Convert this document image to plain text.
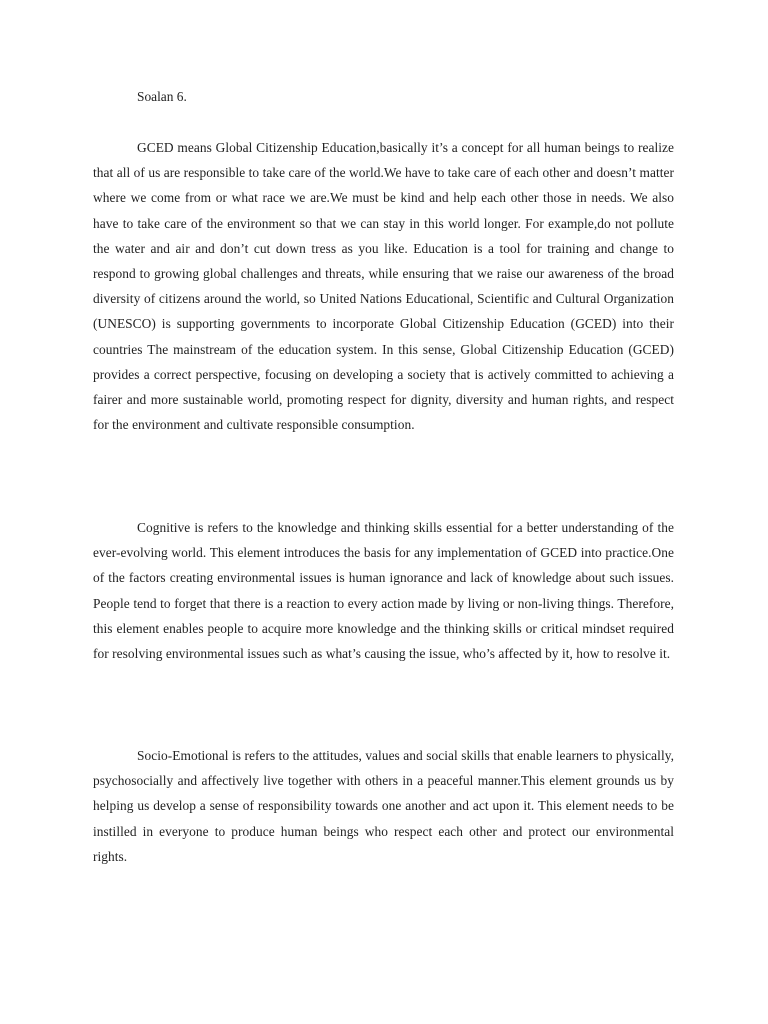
Soalan 6.

GCED means Global Citizenship Education,basically it’s a concept for all human beings to realize that all of us are responsible to take care of the world.We have to take care of each other and doesn’t matter where we come from or what race we are.We must be kind and help each other those in needs. We also have to take care of the environment so that we can stay in this world longer. For example,do not pollute the water and air and don’t cut down tress as you like. Education is a tool for training and change to respond to growing global challenges and threats, while ensuring that we raise our awareness of the broad diversity of citizens around the world, so United Nations Educational, Scientific and Cultural Organization (UNESCO) is supporting governments to incorporate Global Citizenship Education (GCED) into their countries The mainstream of the education system. In this sense, Global Citizenship Education (GCED) provides a correct perspective, focusing on developing a society that is actively committed to achieving a fairer and more sustainable world, promoting respect for dignity, diversity and human rights, and respect for the environment and cultivate responsible consumption.

Cognitive is refers to the knowledge and thinking skills essential for a better understanding of the ever-evolving world. This element introduces the basis for any implementation of GCED into practice.One of the factors creating environmental issues is human ignorance and lack of knowledge about such issues. People tend to forget that there is a reaction to every action made by living or non-living things. Therefore, this element enables people to acquire more knowledge and the thinking skills or critical mindset required for resolving environmental issues such as what’s causing the issue, who’s affected by it, how to resolve it.

Socio-Emotional is refers to the attitudes, values and social skills that enable learners to physically, psychosocially and affectively live together with others in a peaceful manner.This element grounds us by helping us develop a sense of responsibility towards one another and act upon it. This element needs to be instilled in everyone to produce human beings who respect each other and protect our environmental rights.
